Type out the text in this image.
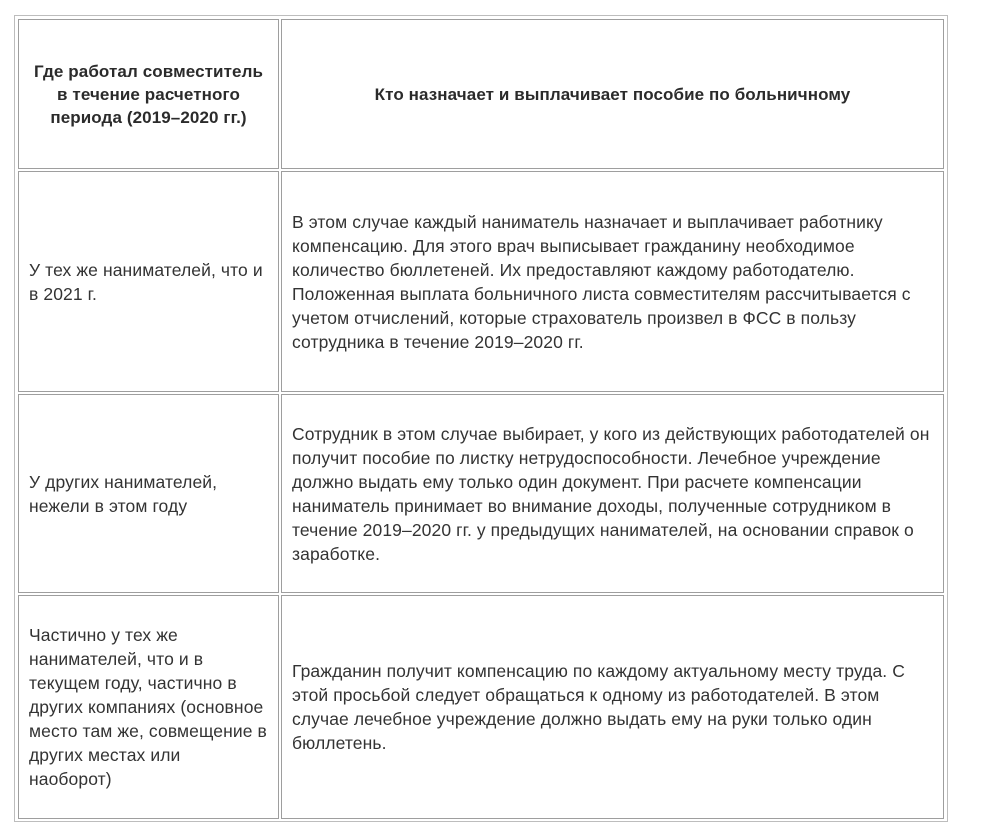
Где работал совместитель в течение расчетного периода (2019–2020 гг.)	Кто назначает и выплачивает пособие по больничному
У тех же нанимателей, что и в 2021 г.	В этом случае каждый наниматель назначает и выплачивает работнику компенсацию. Для этого врач выписывает гражданину необходимое количество бюллетеней. Их предоставляют каждому работодателю. Положенная выплата больничного листа совместителям рассчитывается с учетом отчислений, которые страхователь произвел в ФСС в пользу сотрудника в течение 2019–2020 гг.
У других нанимателей, нежели в этом году	Сотрудник в этом случае выбирает, у кого из действующих работодателей он получит пособие по листку нетрудоспособности. Лечебное учреждение должно выдать ему только один документ. При расчете компенсации наниматель принимает во внимание доходы, полученные сотрудником в течение 2019–2020 гг. у предыдущих нанимателей, на основании справок о заработке.
Частично у тех же нанимателей, что и в текущем году, частично в других компаниях (основное место там же, совмещение в других местах или наоборот)	Гражданин получит компенсацию по каждому актуальному месту труда. С этой просьбой следует обращаться к одному из работодателей. В этом случае лечебное учреждение должно выдать ему на руки только один бюллетень.
